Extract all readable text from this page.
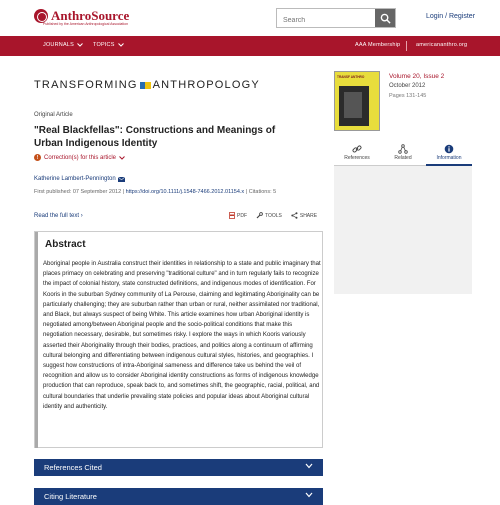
AnthroSource
Published by the American Anthropological Association
Search
Login / Register
JOURNALS	TOPICS	AAA Membership	americananthro.org
TRANSFORMING ANTHROPOLOGY
TRANSF ANTHRO	Volume 20, Issue 2
October 2012
Pages 131-145
References	Related	Information
Original Article
"Real Blackfellas": Constructions and Meanings of Urban Indigenous Identity
! Correction(s) for this article
Katherine Lambert-Pennington
First published: 07 September 2012 | https://doi.org/10.1111/j.1548-7466.2012.01154.x | Citations: 5
Read the full text ›	PDF	TOOLS	SHARE
Abstract

Aboriginal people in Australia construct their identities in relationship to a state and public imaginary that places primacy on celebrating and preserving "traditional culture" and in turn regularly fails to recognize the impact of colonial history, state constructed definitions, and indigenous modes of identification. For Kooris in the suburban Sydney community of La Perouse, claiming and legitimating Aboriginality can be particularly challenging; they are suburban rather than urban or rural, neither assimilated nor traditional, and Black, but always suspect of being White. This article examines how urban Aboriginal identity is negotiated among/between Aboriginal people and the socio-political conditions that make this negotiation necessary, desirable, but sometimes risky. I explore the ways in which Kooris variously asserted their Aboriginality through their bodies, practices, and politics along a continuum of affirming cultural belonging and differentiating between indigenous cultural styles, histories, and geographies. I suggest how constructions of intra-Aboriginal sameness and difference take us behind the veil of recognition and allow us to consider Aboriginal identity constructions as forms of indigenous knowledge production that can reproduce, speak back to, and sometimes shift, the geographic, racial, political, and cultural boundaries that underlie prevailing state policies and popular ideas about Aboriginal cultural identity and authenticity.

References Cited
Citing Literature
